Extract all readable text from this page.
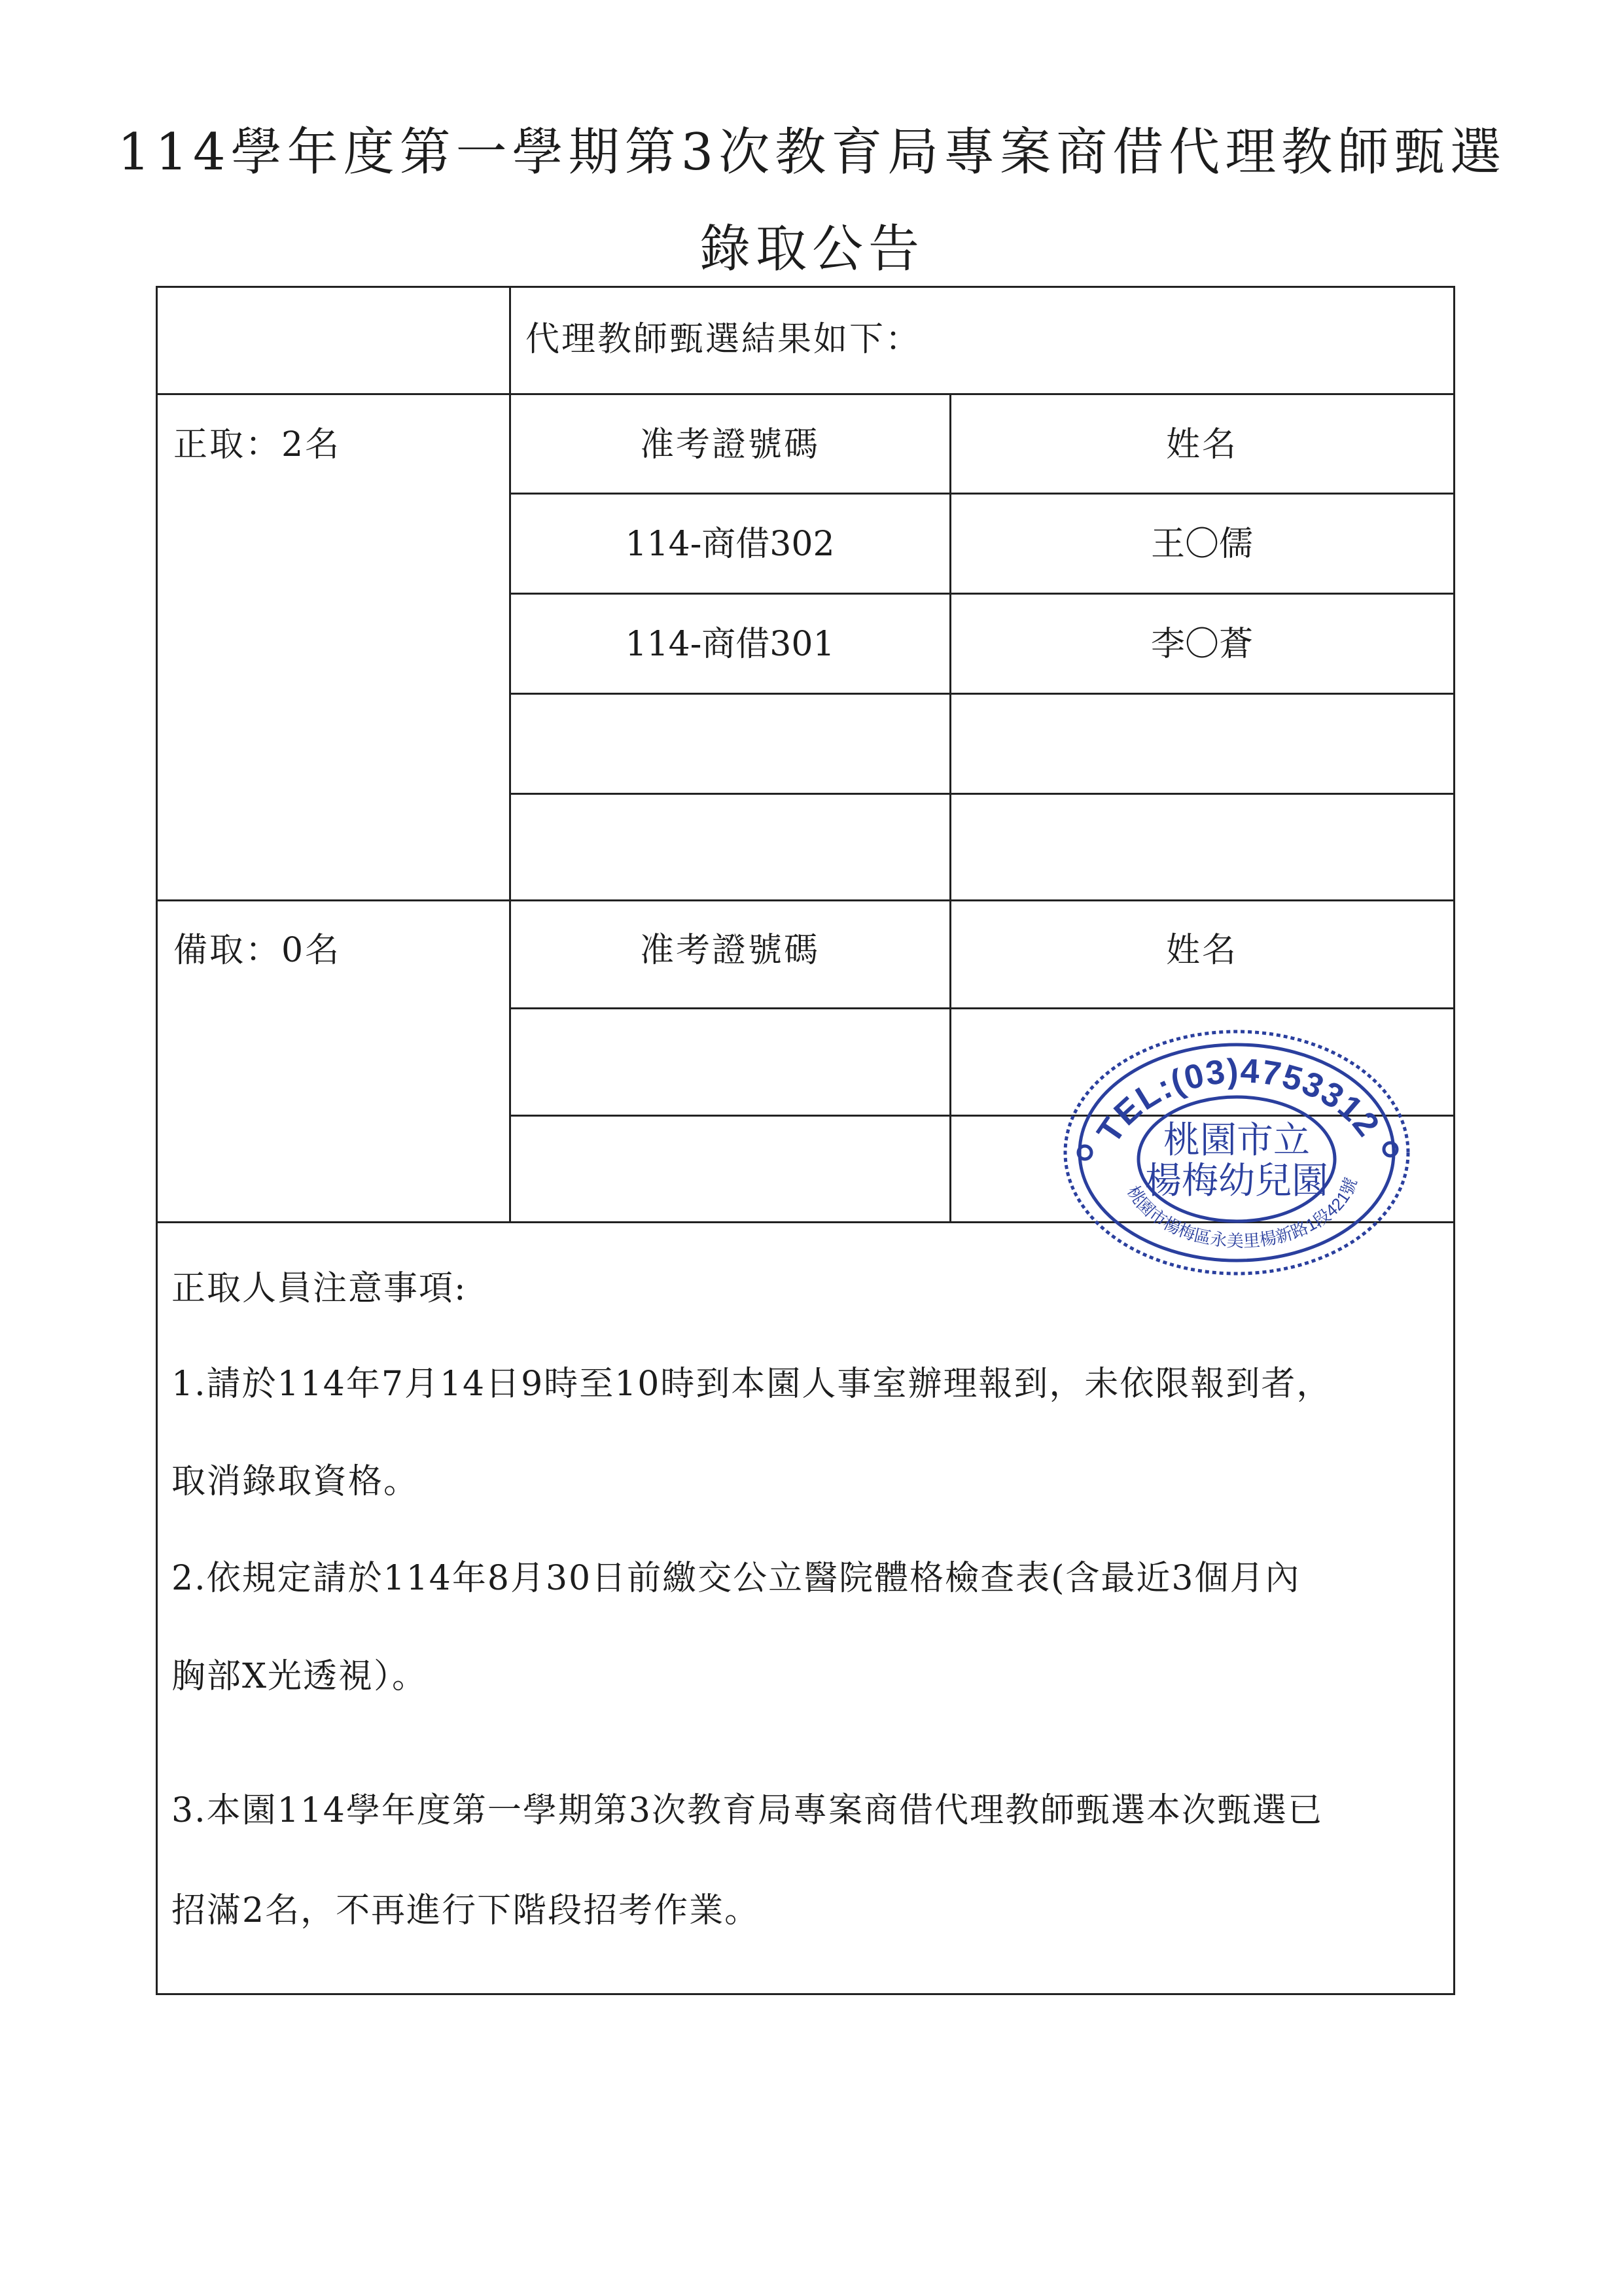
114學年度第一學期第3次教育局專案商借代理教師甄選
錄取公告
代理教師甄選結果如下：
正取：2名	准考證號碼	姓名
114-商借302	王〇儒
114-商借301	李〇蒼
備取：0名	准考證號碼	姓名
正取人員注意事項:
1.請於114年7月14日9時至10時到本園人事室辦理報到，未依限報到者，
取消錄取資格。
2.依規定請於114年8月30日前繳交公立醫院體格檢查表(含最近3個月內
胸部X光透視）。
3.本園114學年度第一學期第3次教育局專案商借代理教師甄選本次甄選已
招滿2名，不再進行下階段招考作業。
TEL:(03)4753312
桃園市立
楊梅幼兒園
桃園市楊梅區永美里楊新路1段421號
